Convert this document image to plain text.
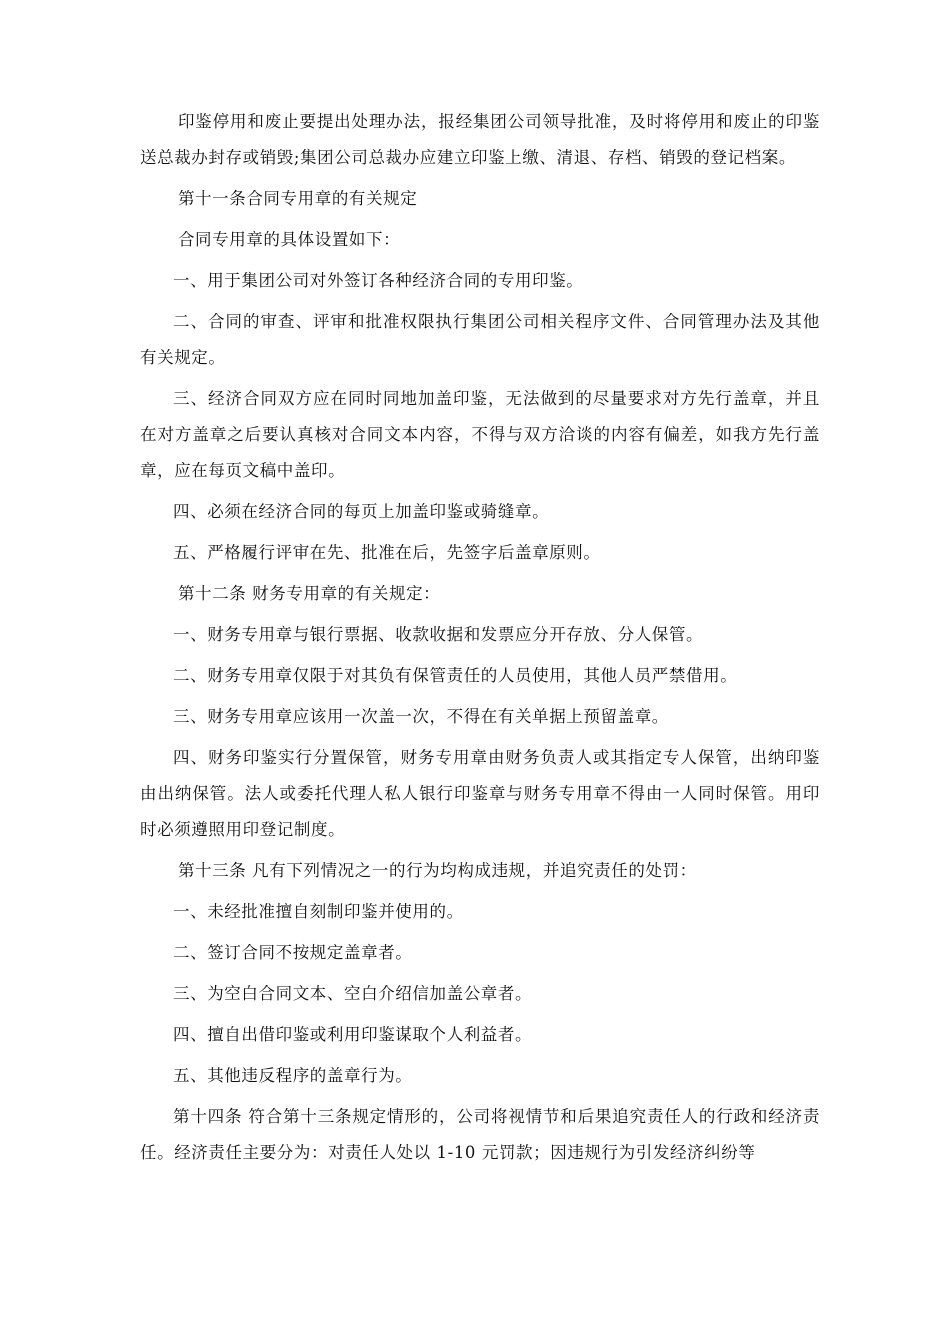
印鉴停用和废止要提出处理办法，报经集团公司领导批准，及时将停用和废止的印鉴送总裁办封存或销毁;集团公司总裁办应建立印鉴上缴、清退、存档、销毁的登记档案。

第十一条合同专用章的有关规定

合同专用章的具体设置如下：

一、用于集团公司对外签订各种经济合同的专用印鉴。

二、合同的审查、评审和批准权限执行集团公司相关程序文件、合同管理办法及其他有关规定。

三、经济合同双方应在同时同地加盖印鉴，无法做到的尽量要求对方先行盖章，并且在对方盖章之后要认真核对合同文本内容，不得与双方洽谈的内容有偏差，如我方先行盖章，应在每页文稿中盖印。

四、必须在经济合同的每页上加盖印鉴或骑缝章。

五、严格履行评审在先、批准在后，先签字后盖章原则。

第十二条 财务专用章的有关规定：

一、财务专用章与银行票据、收款收据和发票应分开存放、分人保管。

二、财务专用章仅限于对其负有保管责任的人员使用，其他人员严禁借用。

三、财务专用章应该用一次盖一次，不得在有关单据上预留盖章。

四、财务印鉴实行分置保管，财务专用章由财务负责人或其指定专人保管，出纳印鉴由出纳保管。法人或委托代理人私人银行印鉴章与财务专用章不得由一人同时保管。用印时必须遵照用印登记制度。

第十三条 凡有下列情况之一的行为均构成违规，并追究责任的处罚：

一、未经批准擅自刻制印鉴并使用的。

二、签订合同不按规定盖章者。

三、为空白合同文本、空白介绍信加盖公章者。

四、擅自出借印鉴或利用印鉴谋取个人利益者。

五、其他违反程序的盖章行为。

第十四条 符合第十三条规定情形的，公司将视情节和后果追究责任人的行政和经济责任。经济责任主要分为：对责任人处以 1-10 元罚款；因违规行为引发经济纠纷等
